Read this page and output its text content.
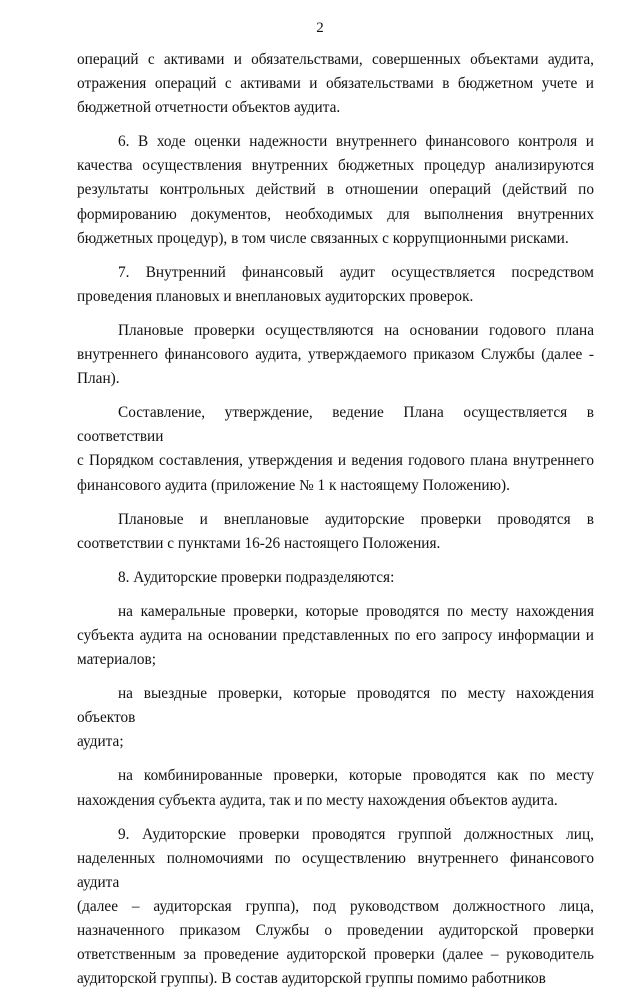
2

операций с активами и обязательствами, совершенных объектами аудита,
отражения операций с активами и обязательствами в бюджетном учете и
бюджетной отчетности объектов аудита.

6. В ходе оценки надежности внутреннего финансового контроля и
качества осуществления внутренних бюджетных процедур анализируются
результаты контрольных действий в отношении операций (действий по
формированию документов, необходимых для выполнения внутренних
бюджетных процедур), в том числе связанных с коррупционными рисками.

7. Внутренний финансовый аудит осуществляется посредством
проведения плановых и внеплановых аудиторских проверок.

Плановые проверки осуществляются на основании годового плана
внутреннего финансового аудита, утверждаемого приказом Службы (далее -
План).

Составление, утверждение, ведение Плана осуществляется в соответствии
с Порядком составления, утверждения и ведения годового плана внутреннего
финансового аудита (приложение № 1 к настоящему Положению).

Плановые и внеплановые аудиторские проверки проводятся в
соответствии с пунктами 16-26 настоящего Положения.

8. Аудиторские проверки подразделяются:

на камеральные проверки, которые проводятся по месту нахождения
субъекта аудита на основании представленных по его запросу информации и
материалов;

на выездные проверки, которые проводятся по месту нахождения объектов
аудита;

на комбинированные проверки, которые проводятся как по месту
нахождения субъекта аудита, так и по месту нахождения объектов аудита.

9. Аудиторские проверки проводятся группой должностных лиц,
наделенных полномочиями по осуществлению внутреннего финансового аудита
(далее – аудиторская группа), под руководством должностного лица,
назначенного приказом Службы о проведении аудиторской проверки
ответственным за проведение аудиторской проверки (далее – руководитель
аудиторской группы). В состав аудиторской группы помимо работников
